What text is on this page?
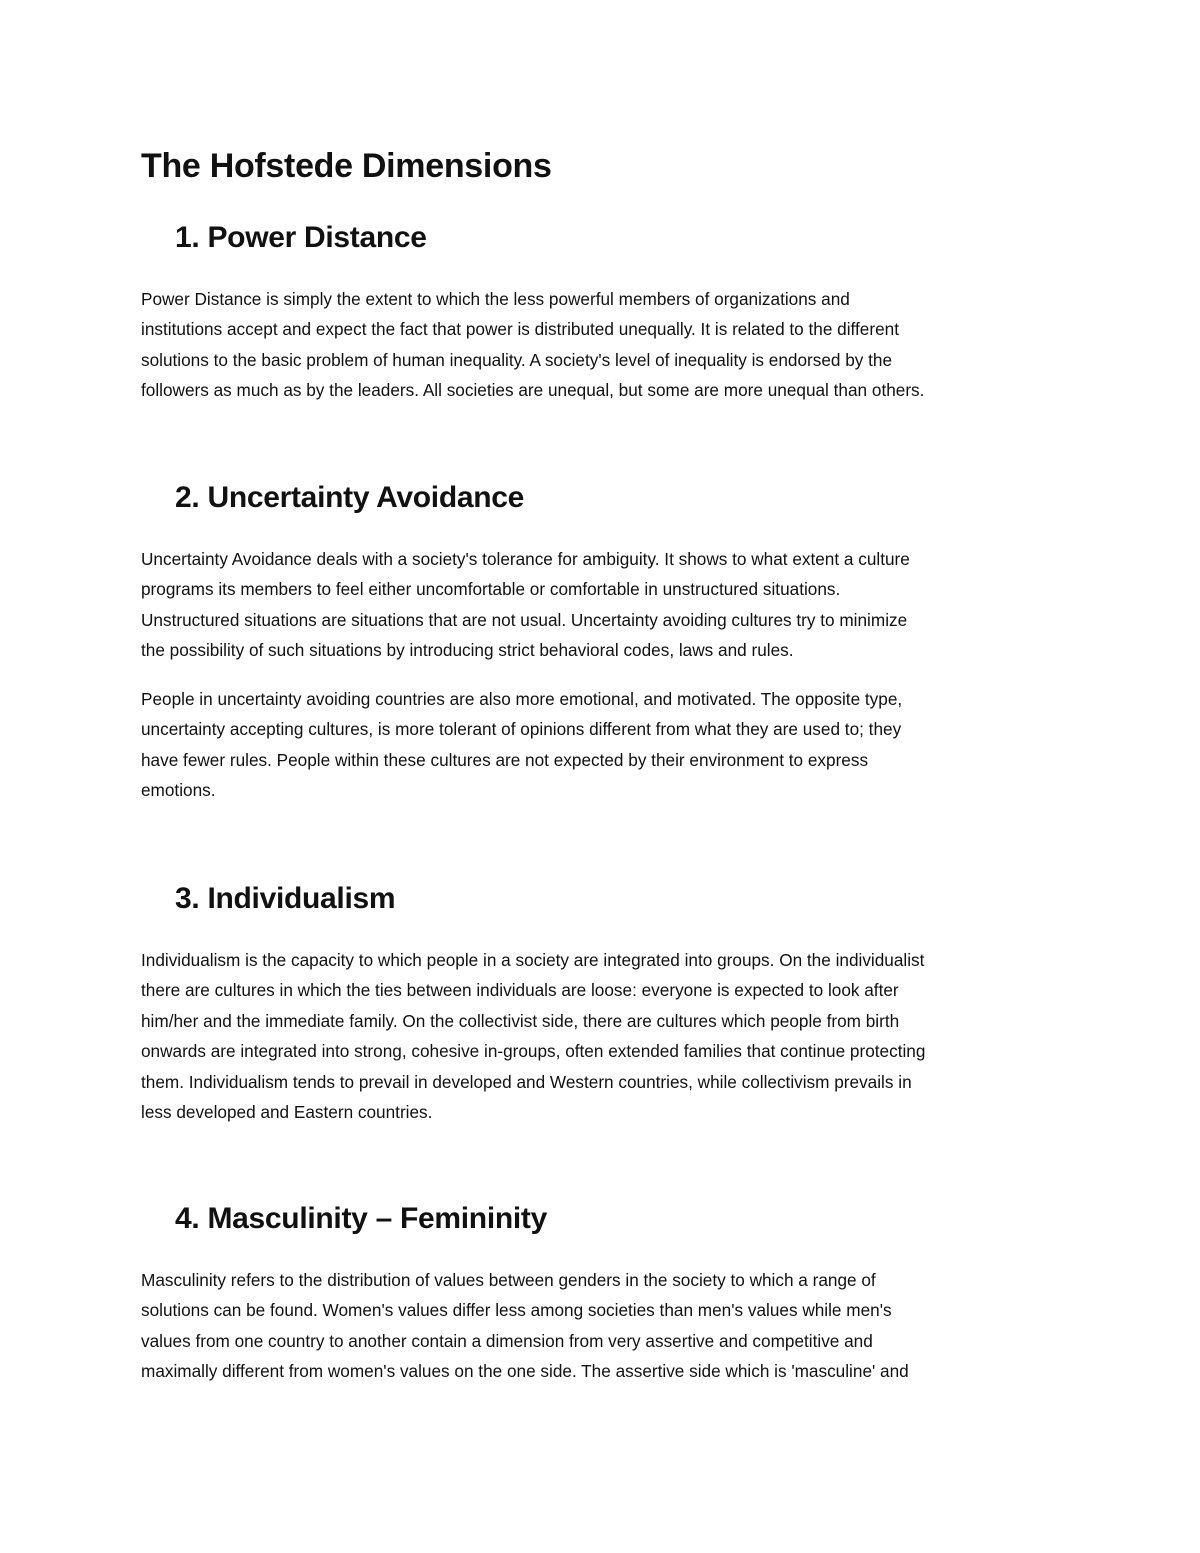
The Hofstede Dimensions
1. Power Distance

Power Distance is simply the extent to which the less powerful members of organizations and
institutions accept and expect the fact that power is distributed unequally. It is related to the different
solutions to the basic problem of human inequality. A society's level of inequality is endorsed by the
followers as much as by the leaders. All societies are unequal, but some are more unequal than others.

2. Uncertainty Avoidance

Uncertainty Avoidance deals with a society's tolerance for ambiguity. It shows to what extent a culture
programs its members to feel either uncomfortable or comfortable in unstructured situations.
Unstructured situations are situations that are not usual. Uncertainty avoiding cultures try to minimize
the possibility of such situations by introducing strict behavioral codes, laws and rules.

People in uncertainty avoiding countries are also more emotional, and motivated. The opposite type,
uncertainty accepting cultures, is more tolerant of opinions different from what they are used to; they
have fewer rules. People within these cultures are not expected by their environment to express
emotions.

3. Individualism

Individualism is the capacity to which people in a society are integrated into groups. On the individualist
there are cultures in which the ties between individuals are loose: everyone is expected to look after
him/her and the immediate family. On the collectivist side, there are cultures which people from birth
onwards are integrated into strong, cohesive in-groups, often extended families that continue protecting
them. Individualism tends to prevail in developed and Western countries, while collectivism prevails in
less developed and Eastern countries.

4. Masculinity – Femininity

Masculinity refers to the distribution of values between genders in the society to which a range of
solutions can be found. Women's values differ less among societies than men's values while men's
values from one country to another contain a dimension from very assertive and competitive and
maximally different from women's values on the one side. The assertive side which is 'masculine' and
